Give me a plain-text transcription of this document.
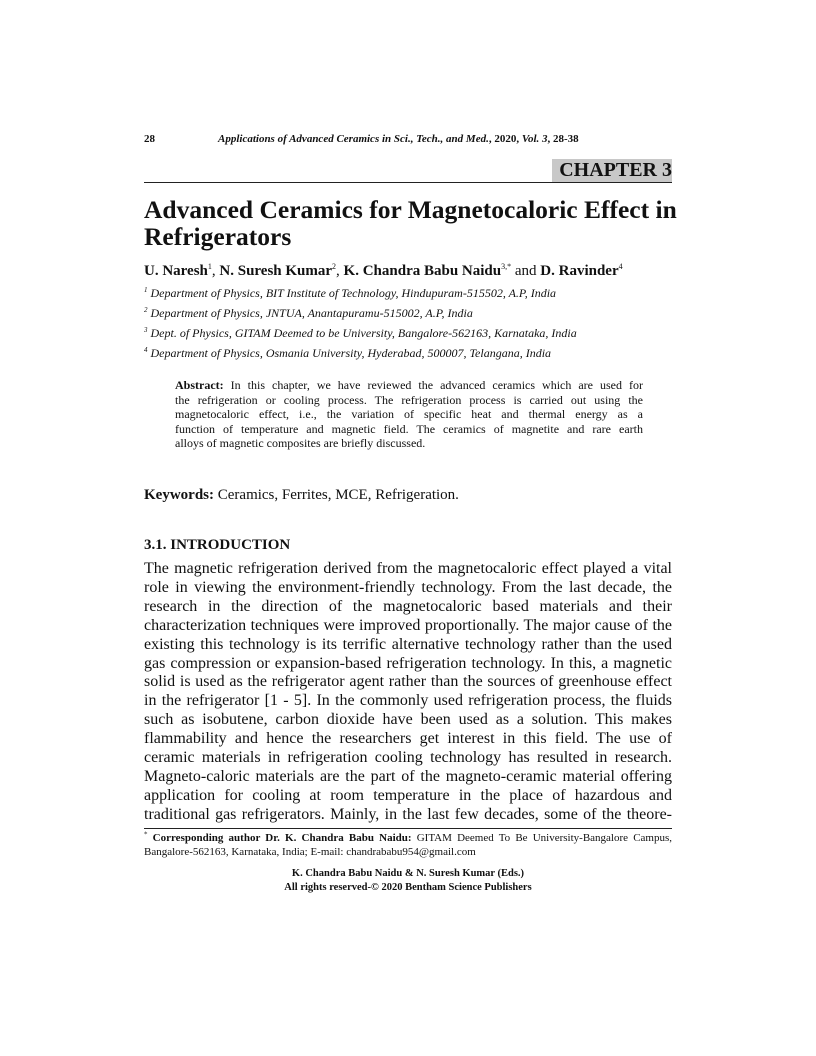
28	Applications of Advanced Ceramics in Sci., Tech., and Med., 2020, Vol. 3, 28-38
CHAPTER 3
Advanced Ceramics for Magnetocaloric Effect in
Refrigerators
U. Naresh$^1$, N. Suresh Kumar$^2$, K. Chandra Babu Naidu$^{3,*}$ and D. Ravinder$^4$
$^1$ Department of Physics, BIT Institute of Technology, Hindupuram-515502, A.P, India
$^2$ Department of Physics, JNTUA, Anantapuramu-515002, A.P, India
$^3$ Dept. of Physics, GITAM Deemed to be University, Bangalore-562163, Karnataka, India
$^4$ Department of Physics, Osmania University, Hyderabad, 500007, Telangana, India
Abstract: In this chapter, we have reviewed the advanced ceramics which are used for
the refrigeration or cooling process. The refrigeration process is carried out using the
magnetocaloric effect, i.e., the variation of specific heat and thermal energy as a
function of temperature and magnetic field. The ceramics of magnetite and rare earth
alloys of magnetic composites are briefly discussed.
Keywords: Ceramics, Ferrites, MCE, Refrigeration.
3.1. INTRODUCTION
The magnetic refrigeration derived from the magnetocaloric effect played a vital
role in viewing the environment-friendly technology. From the last decade, the
research in the direction of the magnetocaloric based materials and their
characterization techniques were improved proportionally. The major cause of the
existing this technology is its terrific alternative technology rather than the used
gas compression or expansion-based refrigeration technology. In this, a magnetic
solid is used as the refrigerator agent rather than the sources of greenhouse effect
in the refrigerator [1 - 5]. In the commonly used refrigeration process, the fluids
such as isobutene, carbon dioxide have been used as a solution. This makes
flammability and hence the researchers get interest in this field. The use of
ceramic materials in refrigeration cooling technology has resulted in research.
Magneto-caloric materials are the part of the magneto-ceramic material offering
application for cooling at room temperature in the place of hazardous and
traditional gas refrigerators. Mainly, in the last few decades, some of the theore-
* Corresponding author Dr. K. Chandra Babu Naidu: GITAM Deemed To Be University-Bangalore Campus,
Bangalore-562163, Karnataka, India; E-mail: chandrababu954@gmail.com
K. Chandra Babu Naidu & N. Suresh Kumar (Eds.)
All rights reserved-© 2020 Bentham Science Publishers
